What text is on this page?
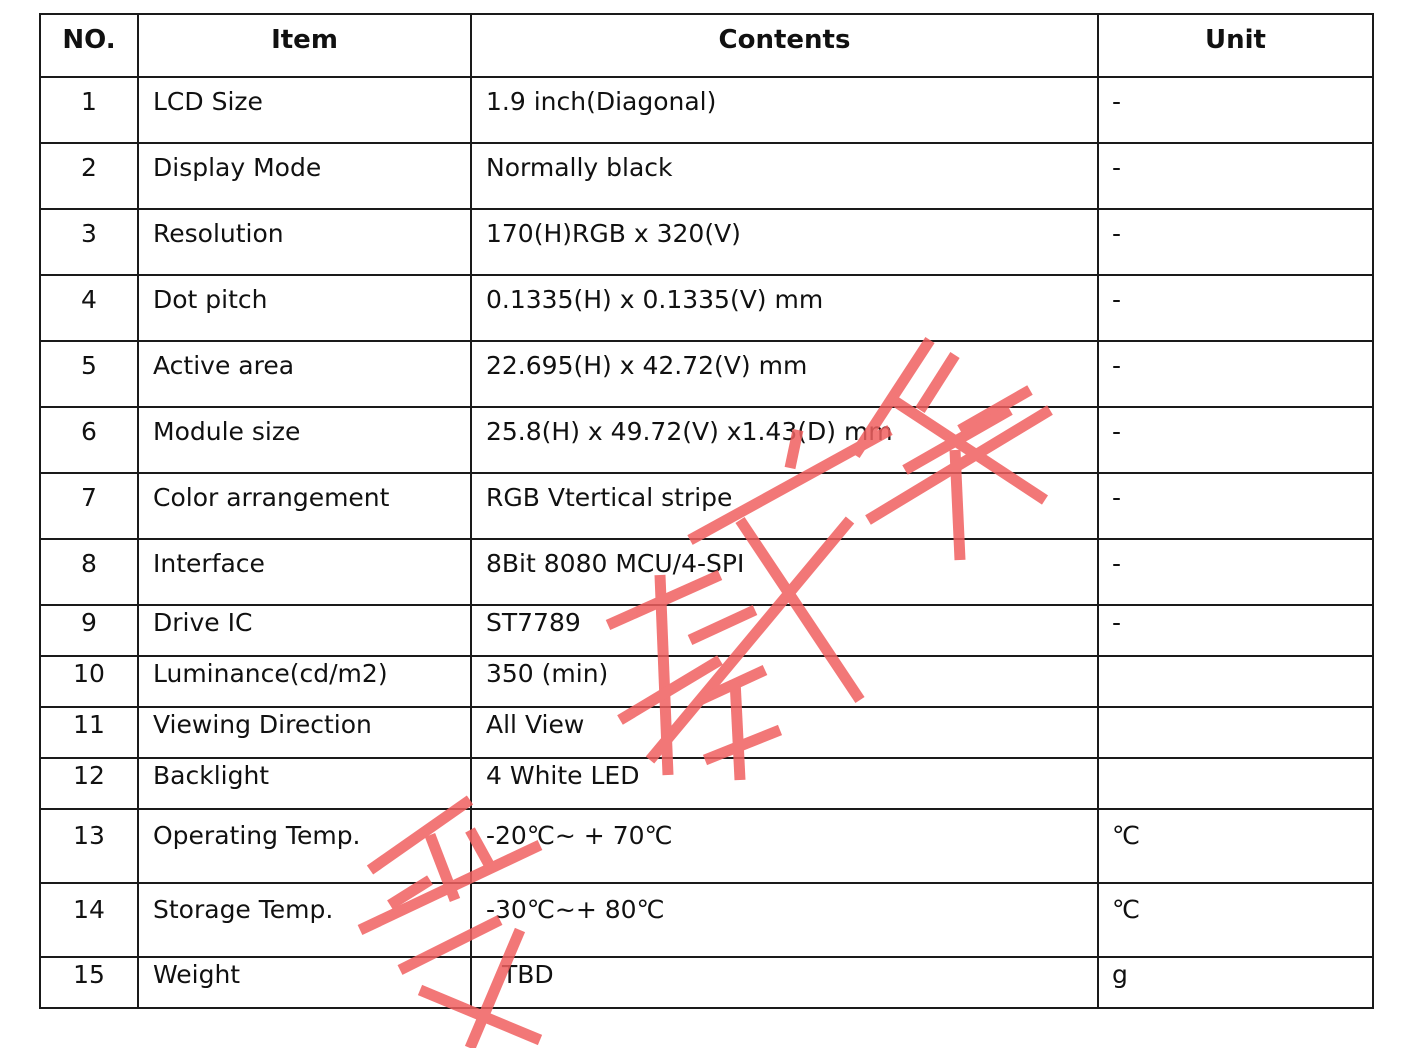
NO.	Item	Contents	Unit
1	LCD Size	1.9 inch(Diagonal)	-
2	Display Mode	Normally black	-
3	Resolution	170(H)RGB x 320(V)	-
4	Dot pitch	0.1335(H) x 0.1335(V) mm	-
5	Active area	22.695(H) x 42.72(V) mm	-
6	Module size	25.8(H) x 49.72(V) x1.43(D) mm	-
7	Color arrangement	RGB Vtertical stripe	-
8	Interface	8Bit 8080 MCU/4-SPI	-
9	Drive IC	ST7789	-
10	Luminance(cd/m2)	350 (min)	
11	Viewing Direction	All View	
12	Backlight	4 White LED	
13	Operating Temp.	-20℃~ + 70℃	℃
14	Storage Temp.	-30℃~+ 80℃	℃
15	Weight	TBD	g
